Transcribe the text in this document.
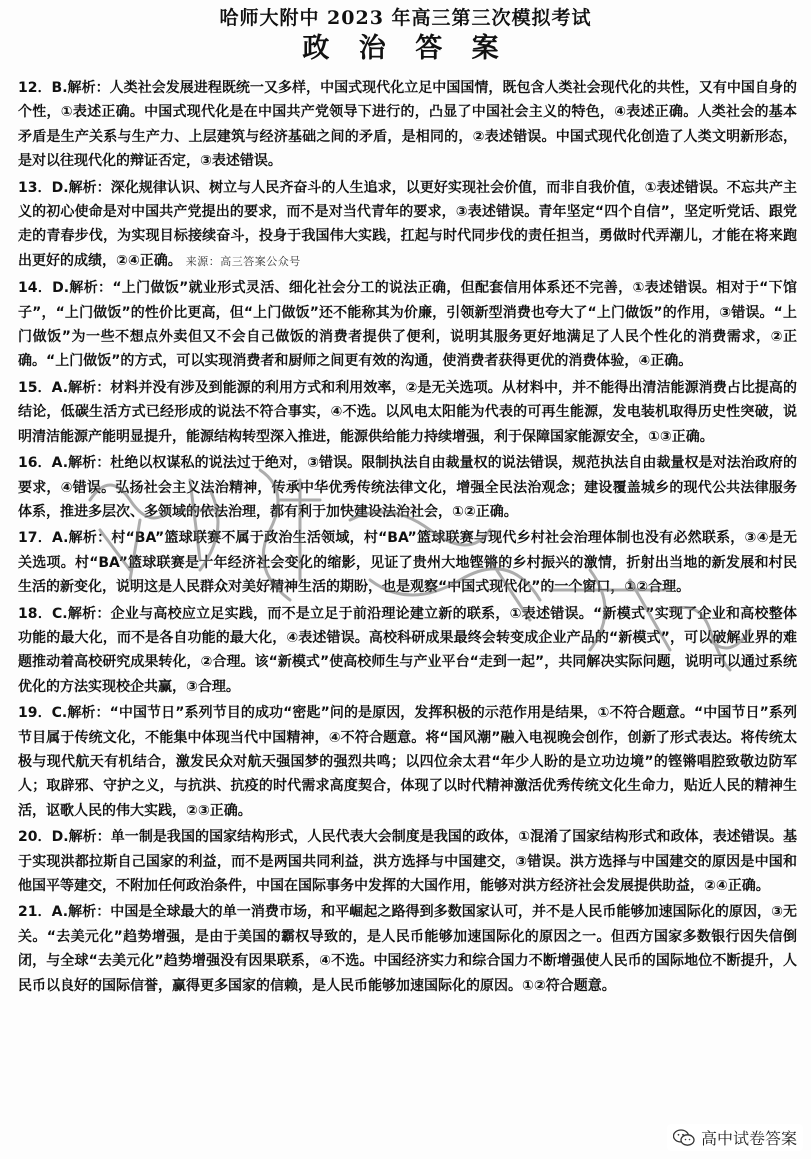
哈师大附中 2023 年高三第三次模拟考试
政 治 答 案

12．B.解析：人类社会发展进程既统一又多样，中国式现代化立足中国国情，既包含人类社会现代化的共性，又有中国自身的个性，①表述正确。中国式现代化是在中国共产党领导下进行的，凸显了中国社会主义的特色，④表述正确。人类社会的基本矛盾是生产关系与生产力、上层建筑与经济基础之间的矛盾，是相同的，②表述错误。中国式现代化创造了人类文明新形态，是对以往现代化的辩证否定，③表述错误。

13．D.解析：深化规律认识、树立与人民齐奋斗的人生追求，以更好实现社会价值，而非自我价值，①表述错误。不忘共产主义的初心使命是对中国共产党提出的要求，而不是对当代青年的要求，③表述错误。青年坚定“四个自信”，坚定听党话、跟党走的青春步伐，为实现目标接续奋斗，投身于我国伟大实践，扛起与时代同步伐的责任担当，勇做时代弄潮儿，才能在将来跑出更好的成绩，②④正确。 来源：高三答案公众号

14．D.解析：“上门做饭”就业形式灵活、细化社会分工的说法正确，但配套信用体系还不完善，①表述错误。相对于“下馆子”，“上门做饭”的性价比更高，但“上门做饭”还不能称其为价廉，引领新型消费也夸大了“上门做饭”的作用，③错误。“上门做饭”为一些不想点外卖但又不会自己做饭的消费者提供了便利，说明其服务更好地满足了人民个性化的消费需求，②正确。“上门做饭”的方式，可以实现消费者和厨师之间更有效的沟通，使消费者获得更优的消费体验，④正确。

15．A.解析：材料并没有涉及到能源的利用方式和利用效率，②是无关选项。从材料中，并不能得出清洁能源消费占比提高的结论，低碳生活方式已经形成的说法不符合事实，④不选。以风电太阳能为代表的可再生能源，发电装机取得历史性突破，说明清洁能源产能明显提升，能源结构转型深入推进，能源供给能力持续增强，利于保障国家能源安全，①③正确。

16．A.解析：杜绝以权谋私的说法过于绝对，③错误。限制执法自由裁量权的说法错误，规范执法自由裁量权是对法治政府的要求，④错误。弘扬社会主义法治精神，传承中华优秀传统法律文化，增强全民法治观念；建设覆盖城乡的现代公共法律服务体系，推进多层次、多领域的依法治理，都有利于加快建设法治社会，①②正确。

17．A.解析：村“BA”篮球联赛不属于政治生活领域，村“BA”篮球联赛与现代乡村社会治理体制也没有必然联系，③④是无关选项。村“BA”篮球联赛是十年经济社会变化的缩影，见证了贵州大地铿锵的乡村振兴的激情，折射出当地的新发展和村民生活的新变化，说明这是人民群众对美好精神生活的期盼，也是观察“中国式现代化”的一个窗口，①②合理。

18．C.解析：企业与高校应立足实践，而不是立足于前沿理论建立新的联系，①表述错误。“新模式”实现了企业和高校整体功能的最大化，而不是各自功能的最大化，④表述错误。高校科研成果最终会转变成企业产品的“新模式”，可以破解业界的难题推动着高校研究成果转化，②合理。该“新模式”使高校师生与产业平台“走到一起”，共同解决实际问题，说明可以通过系统优化的方法实现校企共赢，③合理。

19．C.解析：“中国节日”系列节目的成功“密匙”问的是原因，发挥积极的示范作用是结果，①不符合题意。“中国节日”系列节目属于传统文化，不能集中体现当代中国精神，④不符合题意。将“国风潮”融入电视晚会创作，创新了形式表达。将传统太极与现代航天有机结合，激发民众对航天强国梦的强烈共鸣；以四位余太君“年少人盼的是立功边境”的铿锵唱腔致敬边防军人；取辟邪、守护之义，与抗洪、抗疫的时代需求高度契合，体现了以时代精神激活优秀传统文化生命力，贴近人民的精神生活，讴歌人民的伟大实践，②③正确。

20．D.解析：单一制是我国的国家结构形式，人民代表大会制度是我国的政体，①混淆了国家结构形式和政体，表述错误。基于实现洪都拉斯自己国家的利益，而不是两国共同利益，洪方选择与中国建交，③错误。洪方选择与中国建交的原因是中国和他国平等建交，不附加任何政治条件，中国在国际事务中发挥的大国作用，能够对洪方经济社会发展提供助益，②④正确。

21．A.解析：中国是全球最大的单一消费市场，和平崛起之路得到多数国家认可，并不是人民币能够加速国际化的原因，③无关。“去美元化”趋势增强，是由于美国的霸权导致的，是人民币能够加速国际化的原因之一。但西方国家多数银行因失信倒闭，与全球“去美元化”趋势增强没有因果联系，④不选。中国经济实力和综合国力不断增强使人民币的国际地位不断提升，人民币以良好的国际信誉，赢得更多国家的信赖，是人民币能够加速国际化的原因。①②符合题意。

高中试卷答案
